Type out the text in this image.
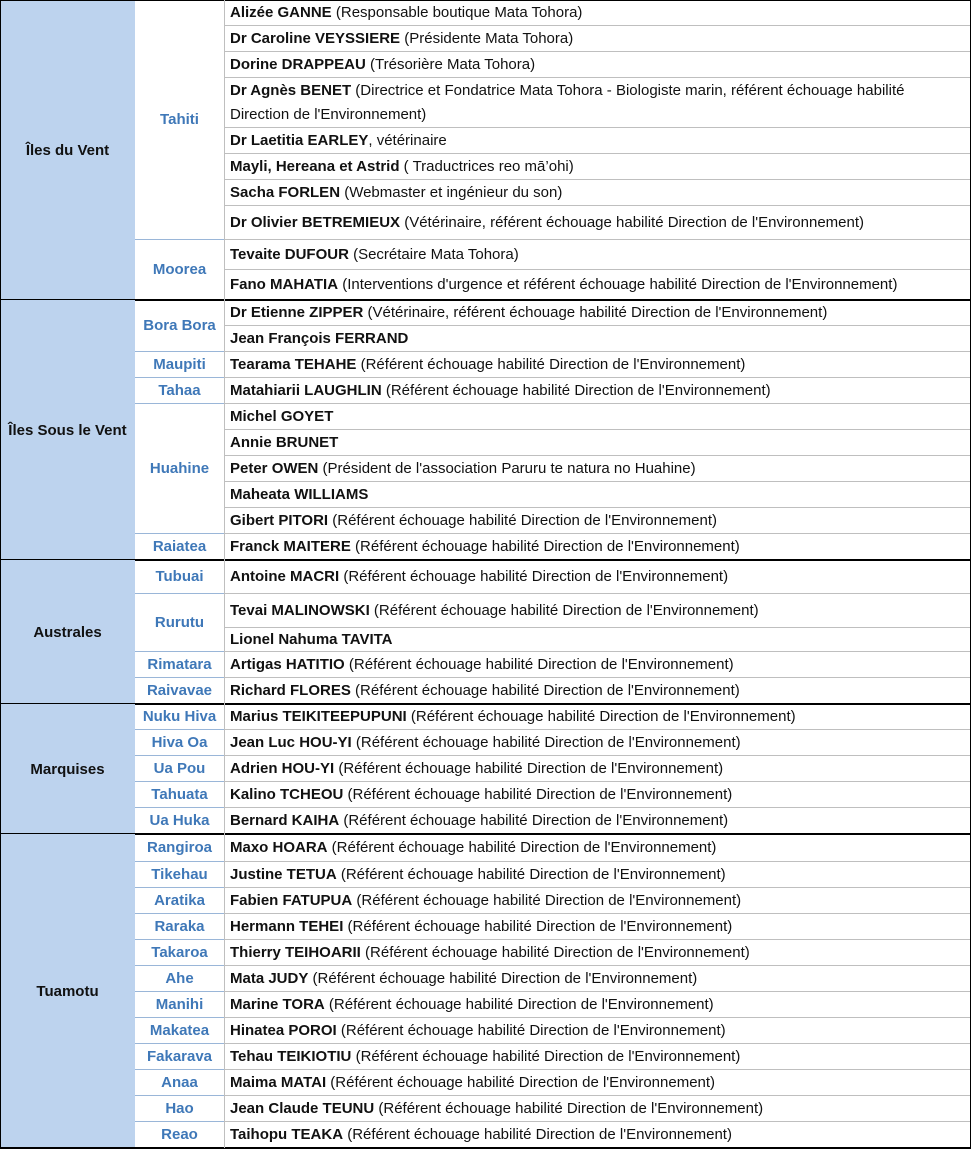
Alizée GANNE (Responsable boutique Mata Tohora)
Dr Caroline VEYSSIERE (Présidente Mata Tohora)
Dorine DRAPPEAU (Trésorière Mata Tohora)
Dr Agnès BENET (Directrice et Fondatrice Mata Tohora - Biologiste marin, référent échouage habilité Direction de l'Environnement)
Dr Laetitia EARLEY, vétérinaire
Mayli, Hereana et Astrid ( Traductrices reo mā’ohi)
Sacha FORLEN (Webmaster et ingénieur du son)
Dr Olivier BETREMIEUX (Vétérinaire, référent échouage habilité Direction de l'Environnement)
Tahiti
Tevaite DUFOUR (Secrétaire Mata Tohora)
Fano MAHATIA (Interventions d'urgence et référent échouage habilité Direction de l'Environnement)
Moorea
Îles du Vent
Dr Etienne ZIPPER (Vétérinaire, référent échouage habilité Direction de l'Environnement)
Jean François FERRAND
Bora Bora
Tearama TEHAHE (Référent échouage habilité Direction de l'Environnement)
Maupiti
Matahiarii LAUGHLIN (Référent échouage habilité Direction de l'Environnement)
Tahaa
Michel GOYET
Annie BRUNET
Peter OWEN (Président de l'association Paruru te natura no Huahine)
Maheata WILLIAMS
Gibert PITORI (Référent échouage habilité Direction de l'Environnement)
Huahine
Franck MAITERE (Référent échouage habilité Direction de l'Environnement)
Raiatea
Îles Sous le Vent
Antoine MACRI (Référent échouage habilité Direction de l'Environnement)
Tubuai
Tevai MALINOWSKI (Référent échouage habilité Direction de l'Environnement)
Lionel Nahuma TAVITA
Rurutu
Artigas HATITIO (Référent échouage habilité Direction de l'Environnement)
Rimatara
Richard FLORES (Référent échouage habilité Direction de l'Environnement)
Raivavae
Australes
Marius TEIKITEEPUPUNI (Référent échouage habilité Direction de l'Environnement)
Nuku Hiva
Jean Luc HOU-YI (Référent échouage habilité Direction de l'Environnement)
Hiva Oa
Adrien HOU-YI (Référent échouage habilité Direction de l'Environnement)
Ua Pou
Kalino TCHEOU (Référent échouage habilité Direction de l'Environnement)
Tahuata
Bernard KAIHA (Référent échouage habilité Direction de l'Environnement)
Ua Huka
Marquises
Maxo HOARA (Référent échouage habilité Direction de l'Environnement)
Rangiroa
Justine TETUA (Référent échouage habilité Direction de l'Environnement)
Tikehau
Fabien FATUPUA (Référent échouage habilité Direction de l'Environnement)
Aratika
Hermann TEHEI (Référent échouage habilité Direction de l'Environnement)
Raraka
Thierry TEIHOARII (Référent échouage habilité Direction de l'Environnement)
Takaroa
Mata JUDY (Référent échouage habilité Direction de l'Environnement)
Ahe
Marine TORA (Référent échouage habilité Direction de l'Environnement)
Manihi
Hinatea POROI (Référent échouage habilité Direction de l'Environnement)
Makatea
Tehau TEIKIOTIU (Référent échouage habilité Direction de l'Environnement)
Fakarava
Maima MATAI (Référent échouage habilité Direction de l'Environnement)
Anaa
Jean Claude TEUNU (Référent échouage habilité Direction de l'Environnement)
Hao
Taihopu TEAKA (Référent échouage habilité Direction de l'Environnement)
Reao
Tuamotu
